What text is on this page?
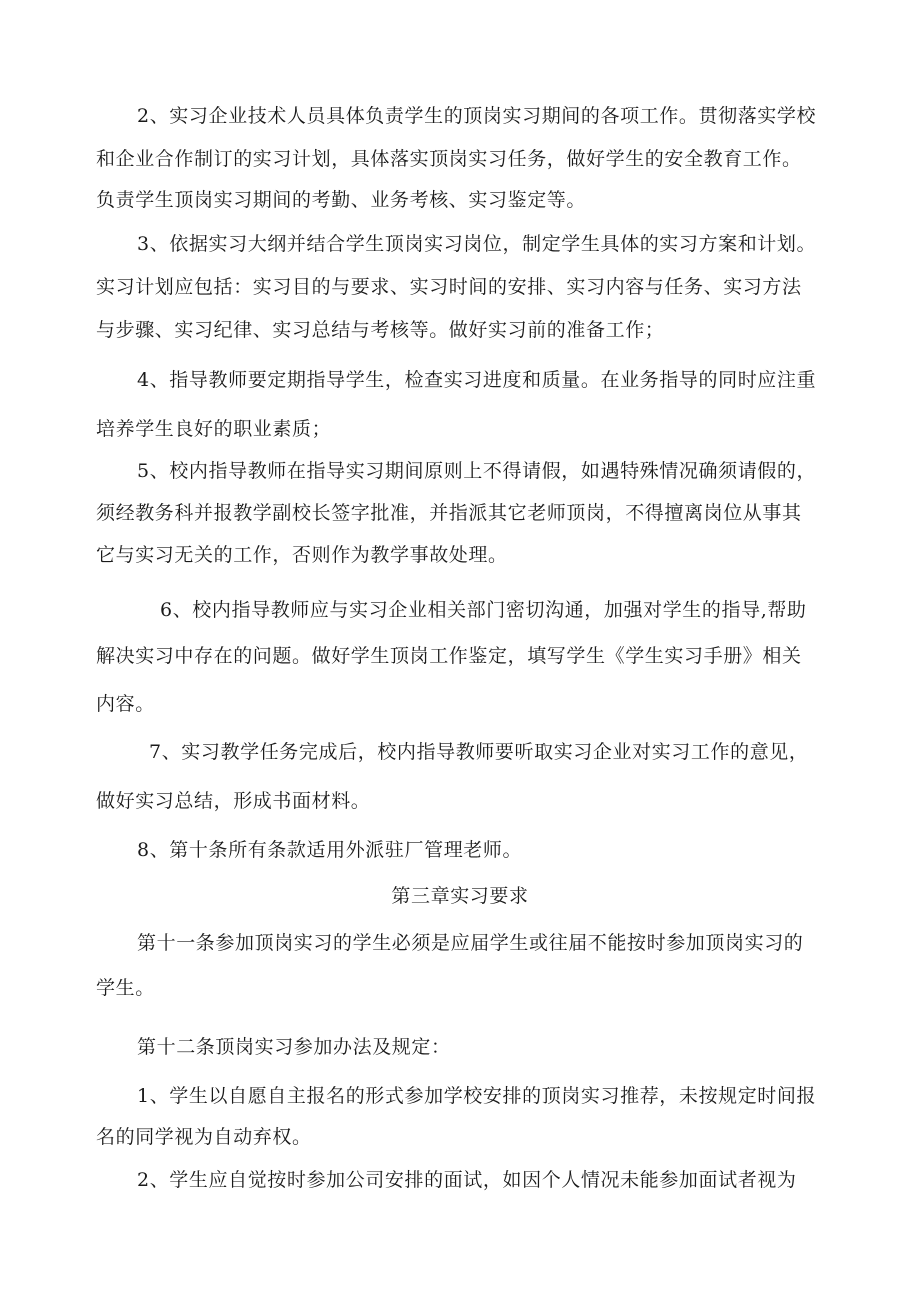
2、实习企业技术人员具体负责学生的顶岗实习期间的各项工作。贯彻落实学校
和企业合作制订的实习计划，具体落实顶岗实习任务，做好学生的安全教育工作。
负责学生顶岗实习期间的考勤、业务考核、实习鉴定等。
3、依据实习大纲并结合学生顶岗实习岗位，制定学生具体的实习方案和计划。
实习计划应包括：实习目的与要求、实习时间的安排、实习内容与任务、实习方法
与步骤、实习纪律、实习总结与考核等。做好实习前的准备工作；
4、指导教师要定期指导学生，检查实习进度和质量。在业务指导的同时应注重
培养学生良好的职业素质；
5、校内指导教师在指导实习期间原则上不得请假，如遇特殊情况确须请假的，
须经教务科并报教学副校长签字批准，并指派其它老师顶岗，不得擅离岗位从事其
它与实习无关的工作，否则作为教学事故处理。
6、校内指导教师应与实习企业相关部门密切沟通，加强对学生的指导,帮助
解决实习中存在的问题。做好学生顶岗工作鉴定，填写学生《学生实习手册》相关
内容。
7、实习教学任务完成后，校内指导教师要听取实习企业对实习工作的意见，
做好实习总结，形成书面材料。
8、第十条所有条款适用外派驻厂管理老师。
第三章实习要求
第十一条参加顶岗实习的学生必须是应届学生或往届不能按时参加顶岗实习的
学生。
第十二条顶岗实习参加办法及规定：
1、学生以自愿自主报名的形式参加学校安排的顶岗实习推荐，未按规定时间报
名的同学视为自动弃权。
2、学生应自觉按时参加公司安排的面试，如因个人情况未能参加面试者视为
